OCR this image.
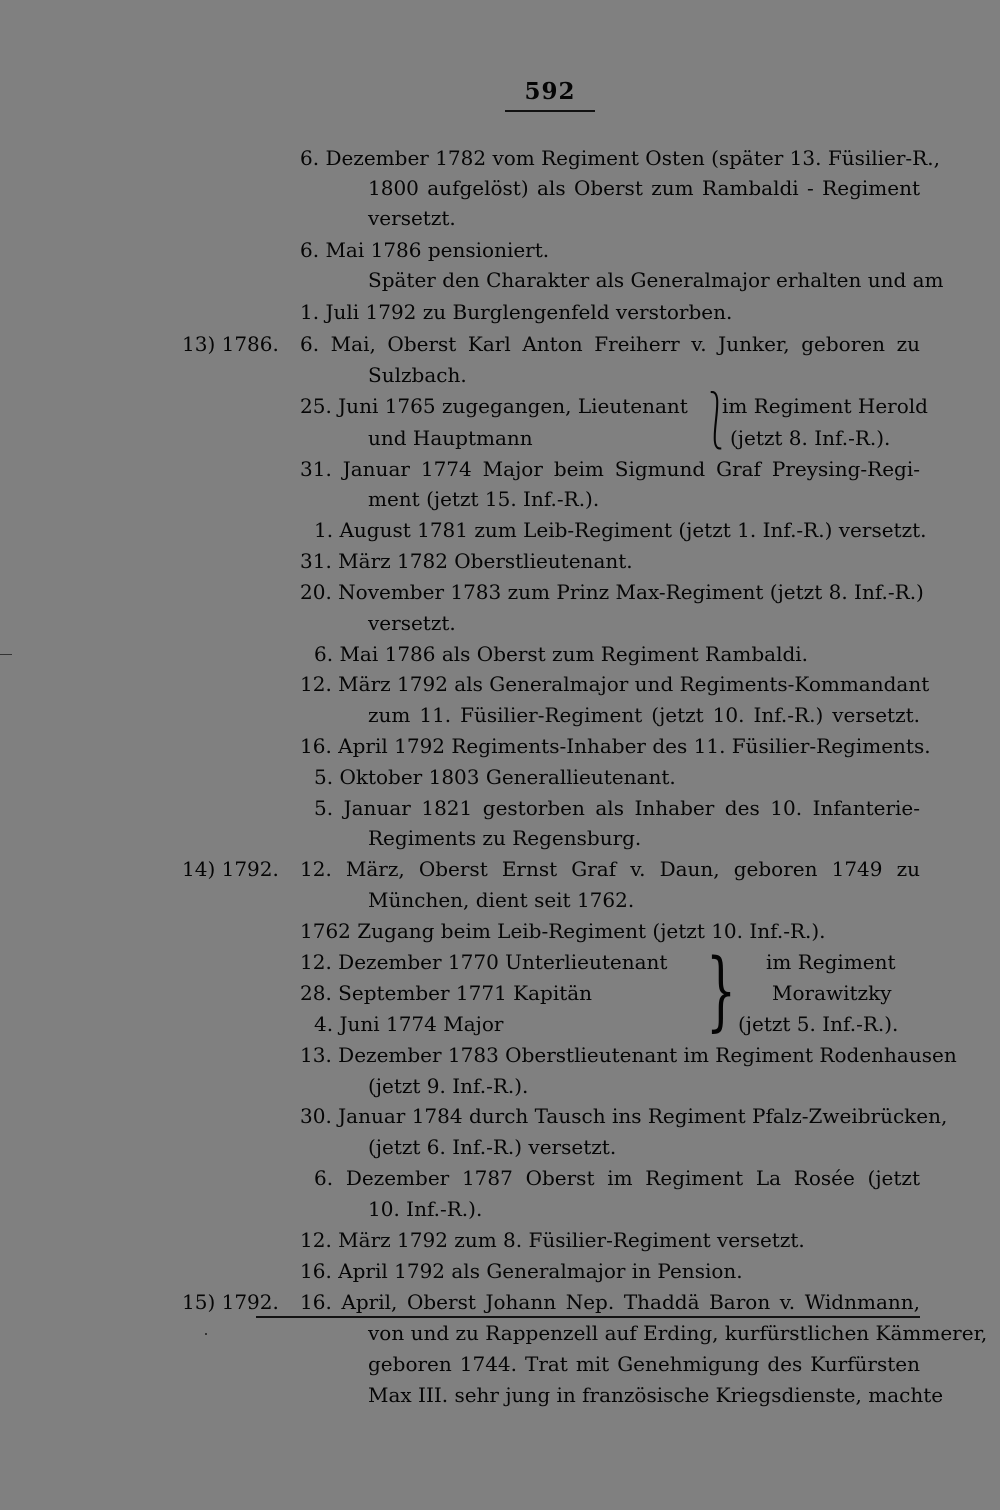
592
6. Dezember 1782 vom Regiment Osten (später 13. Füsilier-R.,
1800 aufgelöst) als Oberst zum Rambaldi - Regiment
versetzt.
6. Mai 1786 pensioniert.
Später den Charakter als Generalmajor erhalten und am
1. Juli 1792 zu Burglengenfeld verstorben.
13) 1786. 6. Mai, Oberst Karl Anton Freiherr v. Junker, geboren zu
Sulzbach.
25. Juni 1765 zugegangen, Lieutenant ⎱
im Regiment Herold
und Hauptmann	(jetzt 8. Inf.-R.).
31. Januar 1774 Major beim Sigmund Graf Preysing-Regi-
ment (jetzt 15. Inf.-R.).
1. August 1781 zum Leib-Regiment (jetzt 1. Inf.-R.) versetzt.
31. März 1782 Oberstlieutenant.
20. November 1783 zum Prinz Max-Regiment (jetzt 8. Inf.-R.)
versetzt.
6. Mai 1786 als Oberst zum Regiment Rambaldi.
12. März 1792 als Generalmajor und Regiments-Kommandant
zum 11. Füsilier-Regiment (jetzt 10. Inf.-R.) versetzt.
16. April 1792 Regiments-Inhaber des 11. Füsilier-Regiments.
5. Oktober 1803 Generallieutenant.
5. Januar 1821 gestorben als Inhaber des 10. Infanterie-
Regiments zu Regensburg.
14) 1792. 12. März, Oberst Ernst Graf v. Daun, geboren 1749 zu
München, dient seit 1762.
1762 Zugang beim Leib-Regiment (jetzt 10. Inf.-R.).
12. Dezember 1770 Unterlieutenant
28. September 1771 Kapitän
4. Juni 1774 Major } im Regiment
Morawitzky
(jetzt 5. Inf.-R.).
13. Dezember 1783 Oberstlieutenant im Regiment Rodenhausen
(jetzt 9. Inf.-R.).
30. Januar 1784 durch Tausch ins Regiment Pfalz-Zweibrücken,
(jetzt 6. Inf.-R.) versetzt.
6. Dezember 1787 Oberst im Regiment La Rosée (jetzt
10. Inf.-R.).
12. März 1792 zum 8. Füsilier-Regiment versetzt.
16. April 1792 als Generalmajor in Pension.
15) 1792. 16. April, Oberst Johann Nep. Thaddä Baron v. Widnmann,
von und zu Rappenzell auf Erding, kurfürstlichen Kämmerer,
geboren 1744. Trat mit Genehmigung des Kurfürsten
Max III. sehr jung in französische Kriegsdienste, machte
